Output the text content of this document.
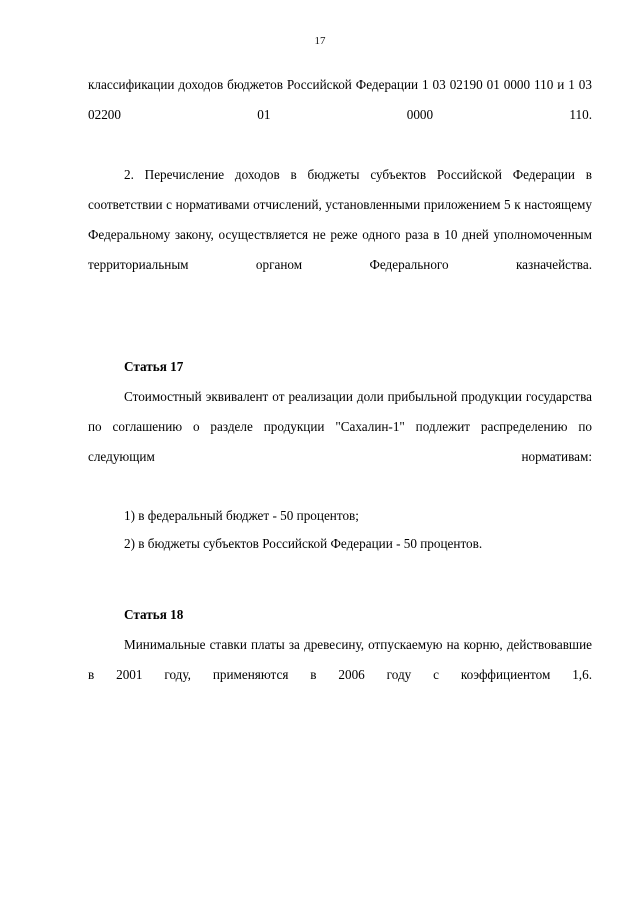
17

классификации доходов бюджетов Российской Федерации 1 03 02190 01 0000 110 и 1 03 02200 01 0000 110.

2. Перечисление доходов в бюджеты субъектов Российской Федерации в соответствии с нормативами отчислений, установленными приложением 5 к настоящему Федеральному закону, осуществляется не реже одного раза в 10 дней уполномоченным территориальным органом Федерального казначейства.

Статья 17

Стоимостный эквивалент от реализации доли прибыльной продукции государства по соглашению о разделе продукции "Сахалин-1" подлежит распределению по следующим нормативам:

1) в федеральный бюджет - 50 процентов;

2) в бюджеты субъектов Российской Федерации - 50 процентов.

Статья 18

Минимальные ставки платы за древесину, отпускаемую на корню, действовавшие в 2001 году, применяются в 2006 году с коэффициентом 1,6.
